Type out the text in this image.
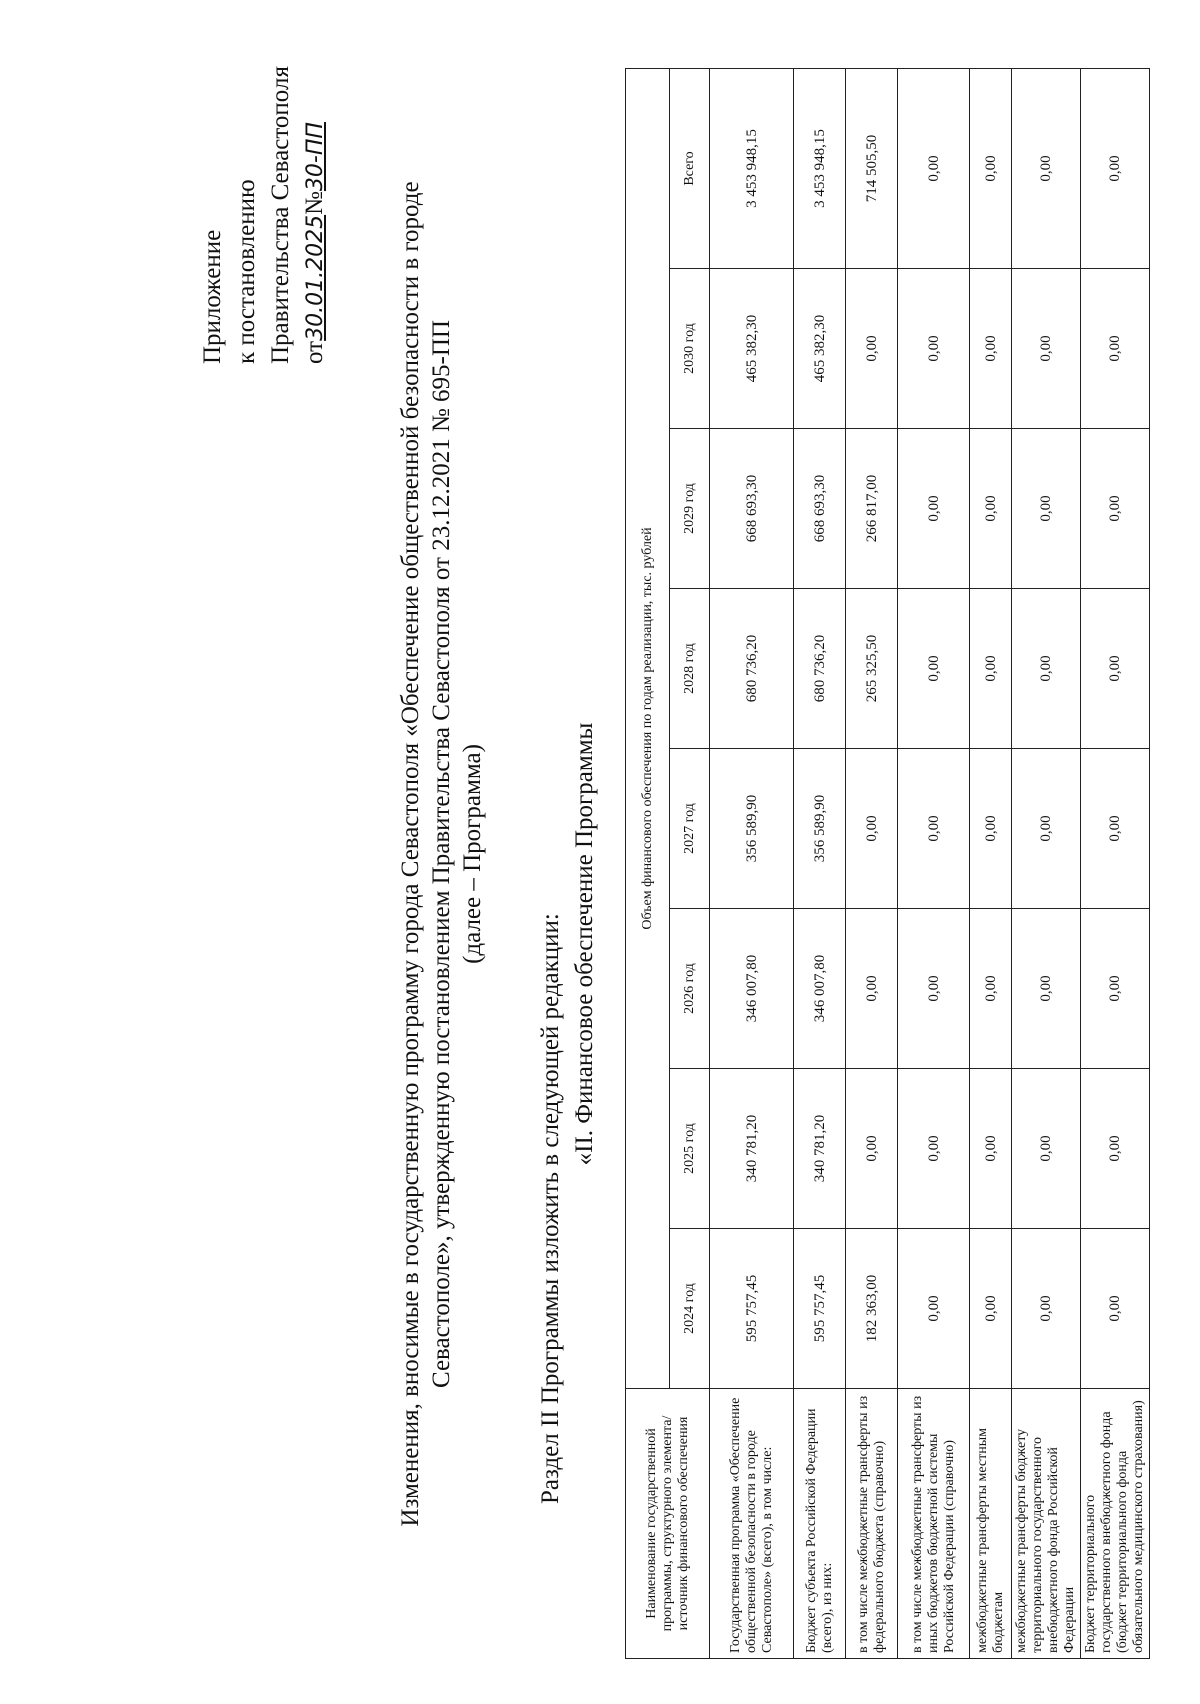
Приложение к постановлению Правительства Севастополя от30.01.2025№30-ПП
Изменения, вносимые в государственную программу города Севастополя «Обеспечение общественной безопасности в городе Севастополе», утвержденную постановлением Правительства Севастополя от 23.12.2021 № 695-ПП (далее – Программа)
Раздел II Программы изложить в следующей редакции: «II. Финансовое обеспечение Программы
Наименование государственной программы, структурного элемента/источник финансового обеспечения	Объем финансового обеспечения по годам реализации, тыс. рублей							
	2024 год	2025 год	2026 год	2027 год	2028 год	2029 год	2030 год	Всего
Государственная программа «Обеспечение общественной безопасности в городе Севастополе» (всего), в том числе:	595 757,45	340 781,20	346 007,80	356 589,90	680 736,20	668 693,30	465 382,30	3 453 948,15
Бюджет субъекта Российской Федерации (всего), из них:	595 757,45	340 781,20	346 007,80	356 589,90	680 736,20	668 693,30	465 382,30	3 453 948,15
в том числе межбюджетные трансферты из федерального бюджета (справочно)	182 363,00	0,00	0,00	0,00	265 325,50	266 817,00	0,00	714 505,50
в том числе межбюджетные трансферты из иных бюджетов бюджетной системы Российской Федерации (справочно)	0,00	0,00	0,00	0,00	0,00	0,00	0,00	0,00
межбюджетные трансферты местным бюджетам	0,00	0,00	0,00	0,00	0,00	0,00	0,00	0,00
межбюджетные трансферты бюджету территориального государственного внебюджетного фонда Российской Федерации	0,00	0,00	0,00	0,00	0,00	0,00	0,00	0,00
Бюджет территориального государственного внебюджетного фонда (бюджет территориального фонда обязательного медицинского страхования)	0,00	0,00	0,00	0,00	0,00	0,00	0,00	0,00
